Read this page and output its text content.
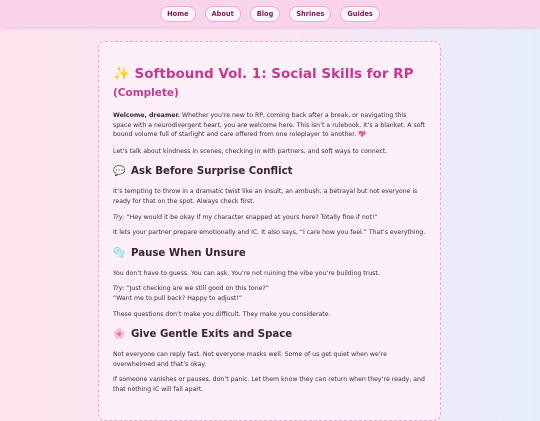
Home	About	Blog	Shrines	Guides
✨ Softbound Vol. 1: Social Skills for RP
(Complete)

Welcome, dreamer. Whether you’re new to RP, coming back after a break, or navigating this space with a neurodivergent heart, you are welcome here. This isn’t a rulebook. It’s a blanket. A soft bound volume full of starlight and care offered from one roleplayer to another. 💖

Let’s talk about kindness in scenes, checking in with partners, and soft ways to connect.

💬 Ask Before Surprise Conflict

It’s tempting to throw in a dramatic twist like an insult, an ambush, a betrayal but not everyone is ready for that on the spot. Always check first.

Try: “Hey would it be okay if my character snapped at yours here? Totally fine if not!”

It lets your partner prepare emotionally and IC. It also says, “I care how you feel.” That’s everything.

🫧 Pause When Unsure

You don’t have to guess. You can ask. You’re not ruining the vibe you’re building trust.

Try: “Just checking are we still good on this tone?”
“Want me to pull back? Happy to adjust!”

These questions don’t make you difficult. They make you considerate.

🌸 Give Gentle Exits and Space

Not everyone can reply fast. Not everyone masks well. Some of us get quiet when we’re overwhelmed and that’s okay.

If someone vanishes or pauses, don’t panic. Let them know they can return when they’re ready, and that nothing IC will fall apart.
